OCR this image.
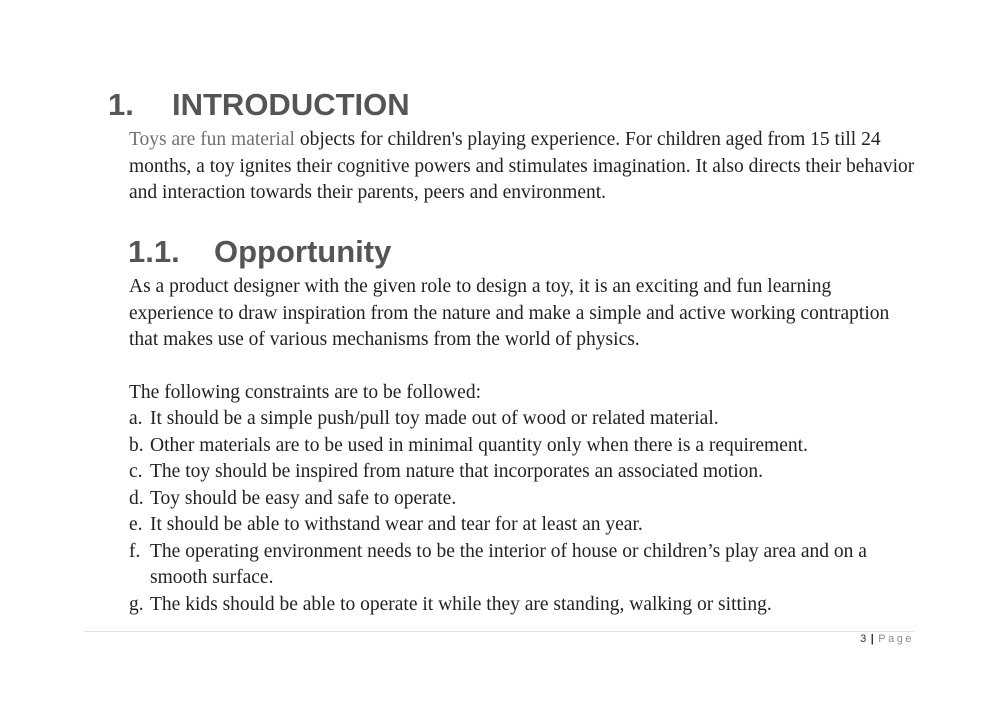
1. INTRODUCTION
Toys are fun material objects for children's playing experience. For children aged from 15 till 24 months, a toy ignites their cognitive powers and stimulates imagination. It also directs their behavior and interaction towards their parents, peers and environment.
1.1. Opportunity
As a product designer with the given role to design a toy, it is an exciting and fun learning experience to draw inspiration from the nature and make a simple and active working contraption that makes use of various mechanisms from the world of physics.
The following constraints are to be followed:
a. It should be a simple push/pull toy made out of wood or related material.
b. Other materials are to be used in minimal quantity only when there is a requirement.
c. The toy should be inspired from nature that incorporates an associated motion.
d. Toy should be easy and safe to operate.
e. It should be able to withstand wear and tear for at least an year.
f. The operating environment needs to be the interior of house or children’s play area and on a smooth surface.
g. The kids should be able to operate it while they are standing, walking or sitting.
3 | Page
